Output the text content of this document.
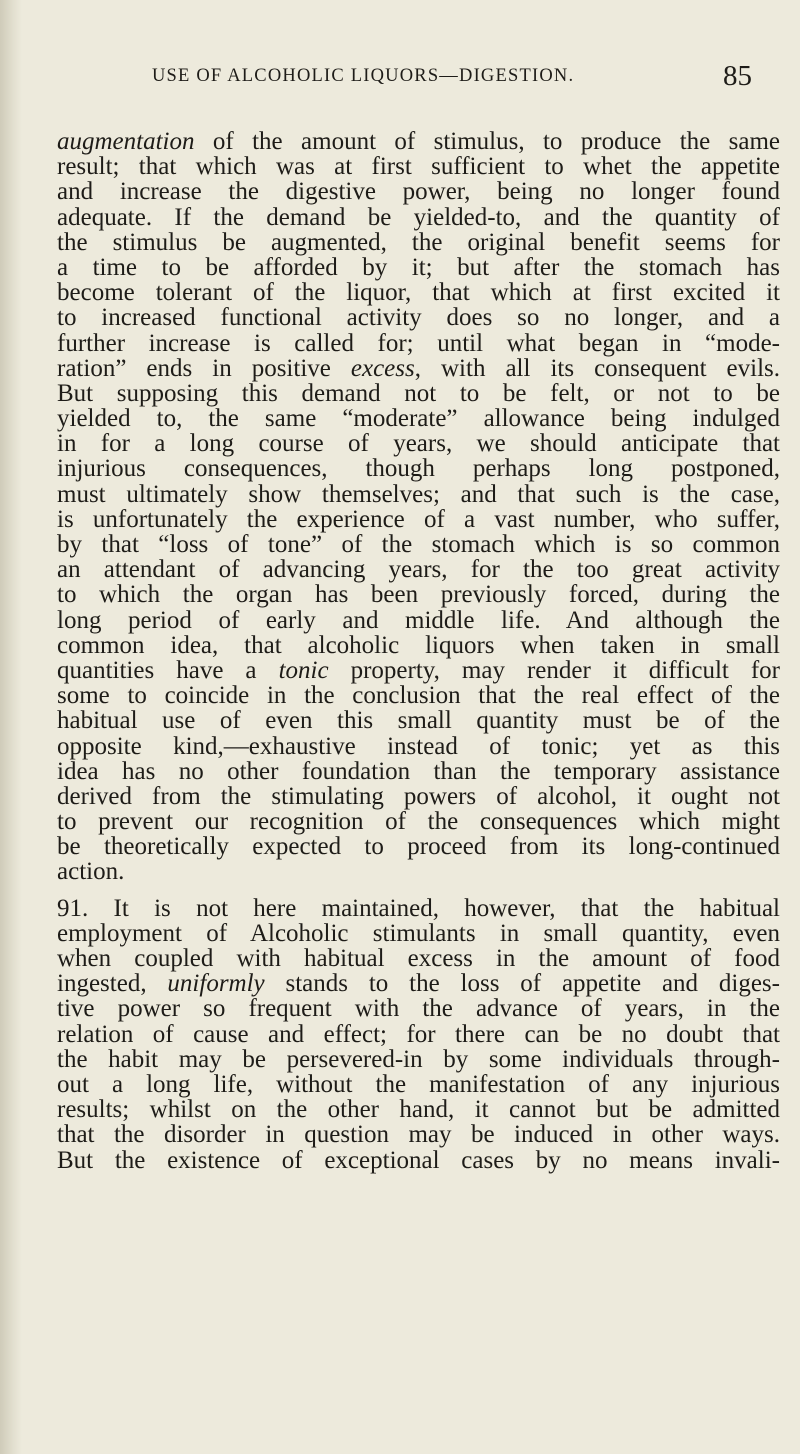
USE OF ALCOHOLIC LIQUORS—DIGESTION.	85
augmentation of the amount of stimulus, to produce the same
result; that which was at first sufficient to whet the appetite
and increase the digestive power, being no longer found
adequate. If the demand be yielded-to, and the quantity of
the stimulus be augmented, the original benefit seems for
a time to be afforded by it; but after the stomach has
become tolerant of the liquor, that which at first excited it
to increased functional activity does so no longer, and a
further increase is called for; until what began in “mode-
ration” ends in positive excess, with all its consequent evils.
But supposing this demand not to be felt, or not to be
yielded to, the same “moderate” allowance being indulged
in for a long course of years, we should anticipate that
injurious consequences, though perhaps long postponed,
must ultimately show themselves; and that such is the case,
is unfortunately the experience of a vast number, who suffer,
by that “loss of tone” of the stomach which is so common
an attendant of advancing years, for the too great activity
to which the organ has been previously forced, during the
long period of early and middle life. And although the
common idea, that alcoholic liquors when taken in small
quantities have a tonic property, may render it difficult for
some to coincide in the conclusion that the real effect of the
habitual use of even this small quantity must be of the
opposite kind,—exhaustive instead of tonic; yet as this
idea has no other foundation than the temporary assistance
derived from the stimulating powers of alcohol, it ought not
to prevent our recognition of the consequences which might
be theoretically expected to proceed from its long-continued
action.
91. It is not here maintained, however, that the habitual
employment of Alcoholic stimulants in small quantity, even
when coupled with habitual excess in the amount of food
ingested, uniformly stands to the loss of appetite and diges-
tive power so frequent with the advance of years, in the
relation of cause and effect; for there can be no doubt that
the habit may be persevered-in by some individuals through-
out a long life, without the manifestation of any injurious
results; whilst on the other hand, it cannot but be admitted
that the disorder in question may be induced in other ways.
But the existence of exceptional cases by no means invali-
